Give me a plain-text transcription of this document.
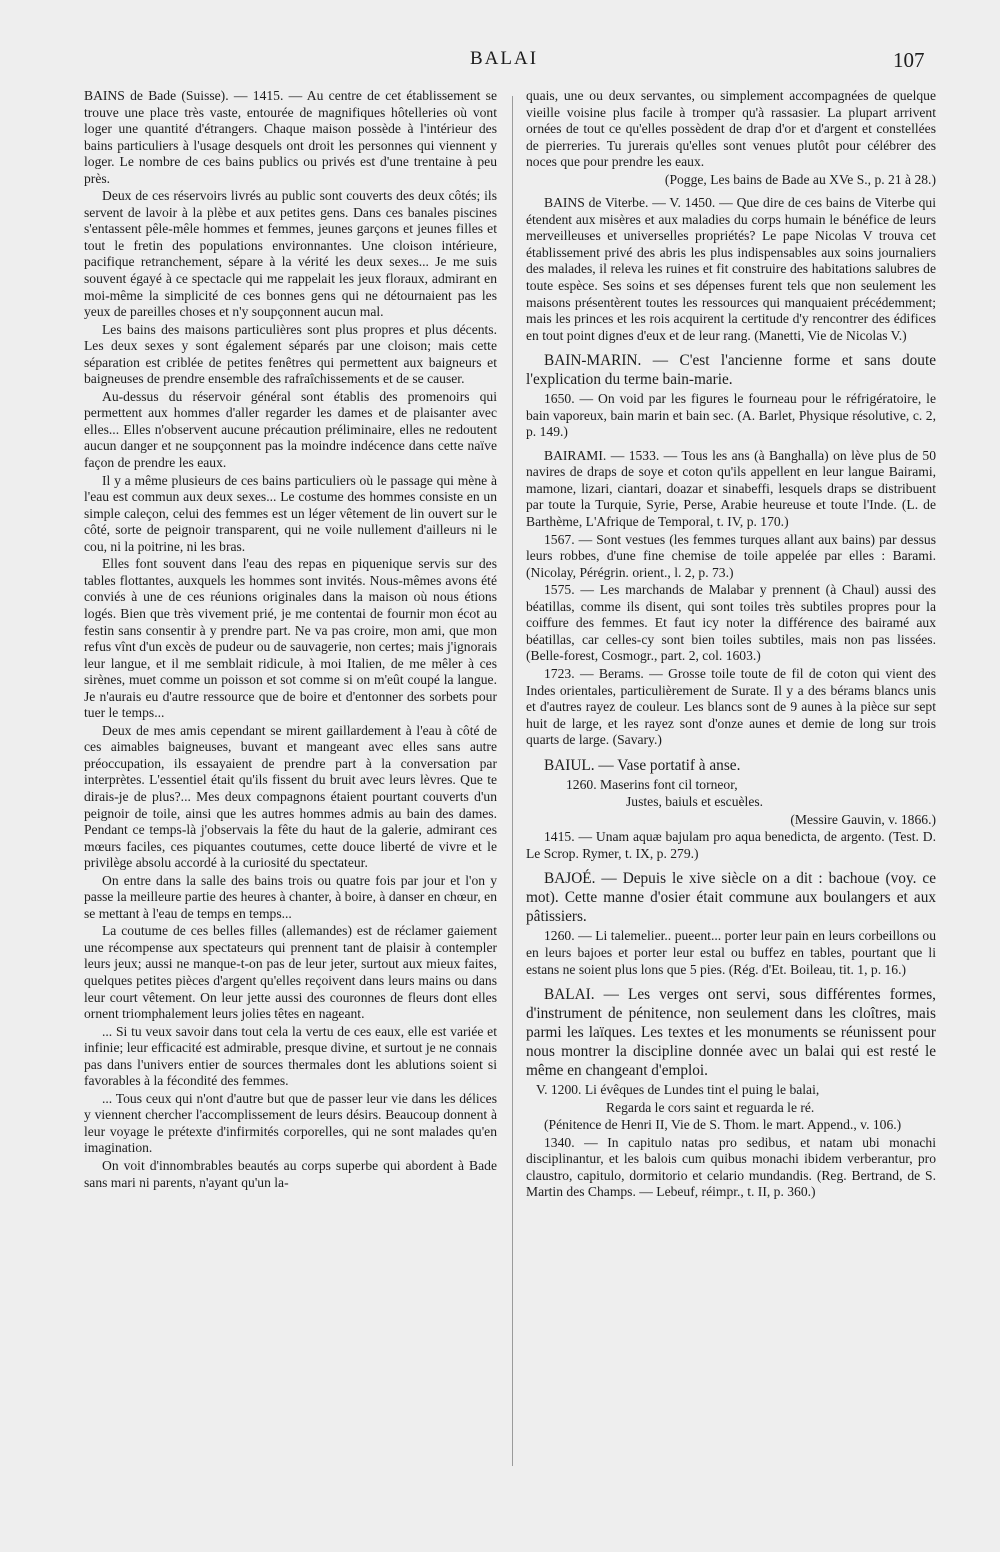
BALAI	107

BAINS de Bade (Suisse). — 1415. — Au centre de cet établissement se trouve une place très vaste, entourée de magnifiques hôtelleries où vont loger une quantité d'étrangers. Chaque maison possède à l'intérieur des bains particuliers à l'usage desquels ont droit les personnes qui viennent y loger. Le nombre de ces bains publics ou privés est d'une trentaine à peu près.

Deux de ces réservoirs livrés au public sont couverts des deux côtés; ils servent de lavoir à la plèbe et aux petites gens. Dans ces banales piscines s'entassent pêle-mêle hommes et femmes, jeunes garçons et jeunes filles et tout le fretin des populations environnantes. Une cloison intérieure, pacifique retranchement, sépare à la vérité les deux sexes... Je me suis souvent égayé à ce spectacle qui me rappelait les jeux floraux, admirant en moi-même la simplicité de ces bonnes gens qui ne détournaient pas les yeux de pareilles choses et n'y soupçonnent aucun mal.

Les bains des maisons particulières sont plus propres et plus décents. Les deux sexes y sont également séparés par une cloison; mais cette séparation est criblée de petites fenêtres qui permettent aux baigneurs et baigneuses de prendre ensemble des rafraîchissements et de se causer.

Au-dessus du réservoir général sont établis des promenoirs qui permettent aux hommes d'aller regarder les dames et de plaisanter avec elles... Elles n'observent aucune précaution préliminaire, elles ne redoutent aucun danger et ne soupçonnent pas la moindre indécence dans cette naïve façon de prendre les eaux.

Il y a même plusieurs de ces bains particuliers où le passage qui mène à l'eau est commun aux deux sexes... Le costume des hommes consiste en un simple caleçon, celui des femmes est un léger vêtement de lin ouvert sur le côté, sorte de peignoir transparent, qui ne voile nullement d'ailleurs ni le cou, ni la poitrine, ni les bras.

Elles font souvent dans l'eau des repas en piquenique servis sur des tables flottantes, auxquels les hommes sont invités. Nous-mêmes avons été conviés à une de ces réunions originales dans la maison où nous étions logés. Bien que très vivement prié, je me contentai de fournir mon écot au festin sans consentir à y prendre part. Ne va pas croire, mon ami, que mon refus vînt d'un excès de pudeur ou de sauvagerie, non certes; mais j'ignorais leur langue, et il me semblait ridicule, à moi Italien, de me mêler à ces sirènes, muet comme un poisson et sot comme si on m'eût coupé la langue. Je n'aurais eu d'autre ressource que de boire et d'entonner des sorbets pour tuer le temps...

Deux de mes amis cependant se mirent gaillardement à l'eau à côté de ces aimables baigneuses, buvant et mangeant avec elles sans autre préoccupation, ils essayaient de prendre part à la conversation par interprètes. L'essentiel était qu'ils fissent du bruit avec leurs lèvres. Que te dirais-je de plus?... Mes deux compagnons étaient pourtant couverts d'un peignoir de toile, ainsi que les autres hommes admis au bain des dames. Pendant ce temps-là j'observais la fête du haut de la galerie, admirant ces mœurs faciles, ces piquantes coutumes, cette douce liberté de vivre et le privilège absolu accordé à la curiosité du spectateur.

On entre dans la salle des bains trois ou quatre fois par jour et l'on y passe la meilleure partie des heures à chanter, à boire, à danser en chœur, en se mettant à l'eau de temps en temps...

La coutume de ces belles filles (allemandes) est de réclamer gaiement une récompense aux spectateurs qui prennent tant de plaisir à contempler leurs jeux; aussi ne manque-t-on pas de leur jeter, surtout aux mieux faites, quelques petites pièces d'argent qu'elles reçoivent dans leurs mains ou dans leur court vêtement. On leur jette aussi des couronnes de fleurs dont elles ornent triomphalement leurs jolies têtes en nageant.

... Si tu veux savoir dans tout cela la vertu de ces eaux, elle est variée et infinie; leur efficacité est admirable, presque divine, et surtout je ne connais pas dans l'univers entier de sources thermales dont les ablutions soient si favorables à la fécondité des femmes.

... Tous ceux qui n'ont d'autre but que de passer leur vie dans les délices y viennent chercher l'accomplissement de leurs désirs. Beaucoup donnent à leur voyage le prétexte d'infirmités corporelles, qui ne sont malades qu'en imagination.

On voit d'innombrables beautés au corps superbe qui abordent à Bade sans mari ni parents, n'ayant qu'un la-

quais, une ou deux servantes, ou simplement accompagnées de quelque vieille voisine plus facile à tromper qu'à rassasier. La plupart arrivent ornées de tout ce qu'elles possèdent de drap d'or et d'argent et constellées de pierreries. Tu jurerais qu'elles sont venues plutôt pour célébrer des noces que pour prendre les eaux.

(Pogge, Les bains de Bade au XVe S., p. 21 à 28.)

BAINS de Viterbe. — V. 1450. — Que dire de ces bains de Viterbe qui étendent aux misères et aux maladies du corps humain le bénéfice de leurs merveilleuses et universelles propriétés? Le pape Nicolas V trouva cet établissement privé des abris les plus indispensables aux soins journaliers des malades, il releva les ruines et fit construire des habitations salubres de toute espèce. Ses soins et ses dépenses furent tels que non seulement les maisons présentèrent toutes les ressources qui manquaient précédemment; mais les princes et les rois acquirent la certitude d'y rencontrer des édifices en tout point dignes d'eux et de leur rang. (Manetti, Vie de Nicolas V.)

BAIN-MARIN. — C'est l'ancienne forme et sans doute l'explication du terme bain-marie.

1650. — On void par les figures le fourneau pour le réfrigératoire, le bain vaporeux, bain marin et bain sec. (A. Barlet, Physique résolutive, c. 2, p. 149.)

BAIRAMI. — 1533. — Tous les ans (à Banghalla) on lève plus de 50 navires de draps de soye et coton qu'ils appellent en leur langue Bairami, mamone, lizari, ciantari, doazar et sinabeffi, lesquels draps se distribuent par toute la Turquie, Syrie, Perse, Arabie heureuse et toute l'Inde. (L. de Barthème, L'Afrique de Temporal, t. IV, p. 170.)

1567. — Sont vestues (les femmes turques allant aux bains) par dessus leurs robbes, d'une fine chemise de toile appelée par elles : Barami. (Nicolay, Pérégrin. orient., l. 2, p. 73.)

1575. — Les marchands de Malabar y prennent (à Chaul) aussi des béatillas, comme ils disent, qui sont toiles très subtiles propres pour la coiffure des femmes. Et faut icy noter la différence des bairamé aux béatillas, car celles-cy sont bien toiles subtiles, mais non pas lissées. (Belle-forest, Cosmogr., part. 2, col. 1603.)

1723. — Berams. — Grosse toile toute de fil de coton qui vient des Indes orientales, particulièrement de Surate. Il y a des bérams blancs unis et d'autres rayez de couleur. Les blancs sont de 9 aunes à la pièce sur sept huit de large, et les rayez sont d'onze aunes et demie de long sur trois quarts de large. (Savary.)

BAIUL. — Vase portatif à anse.

1260. Maserins font cil torneor,

Justes, baiuls et escuèles.

(Messire Gauvin, v. 1866.)

1415. — Unam aquæ bajulam pro aqua benedicta, de argento. (Test. D. Le Scrop. Rymer, t. IX, p. 279.)

BAJOÉ. — Depuis le xive siècle on a dit : bachoue (voy. ce mot). Cette manne d'osier était commune aux boulangers et aux pâtissiers.

1260. — Li talemelier.. pueent... porter leur pain en leurs corbeillons ou en leurs bajoes et porter leur estal ou buffez en tables, pourtant que li estans ne soient plus lons que 5 pies. (Rég. d'Et. Boileau, tit. 1, p. 16.)

BALAI. — Les verges ont servi, sous différentes formes, d'instrument de pénitence, non seulement dans les cloîtres, mais parmi les laïques. Les textes et les monuments se réunissent pour nous montrer la discipline donnée avec un balai qui est resté le même en changeant d'emploi.

V. 1200. Li évêques de Lundes tint el puing le balai,

Regarda le cors saint et reguarda le ré.

(Pénitence de Henri II, Vie de S. Thom. le mart. Append., v. 106.)

1340. — In capitulo natas pro sedibus, et natam ubi monachi disciplinantur, et les balois cum quibus monachi ibidem verberantur, pro claustro, capitulo, dormitorio et celario mundandis. (Reg. Bertrand, de S. Martin des Champs. — Lebeuf, réimpr., t. II, p. 360.)
